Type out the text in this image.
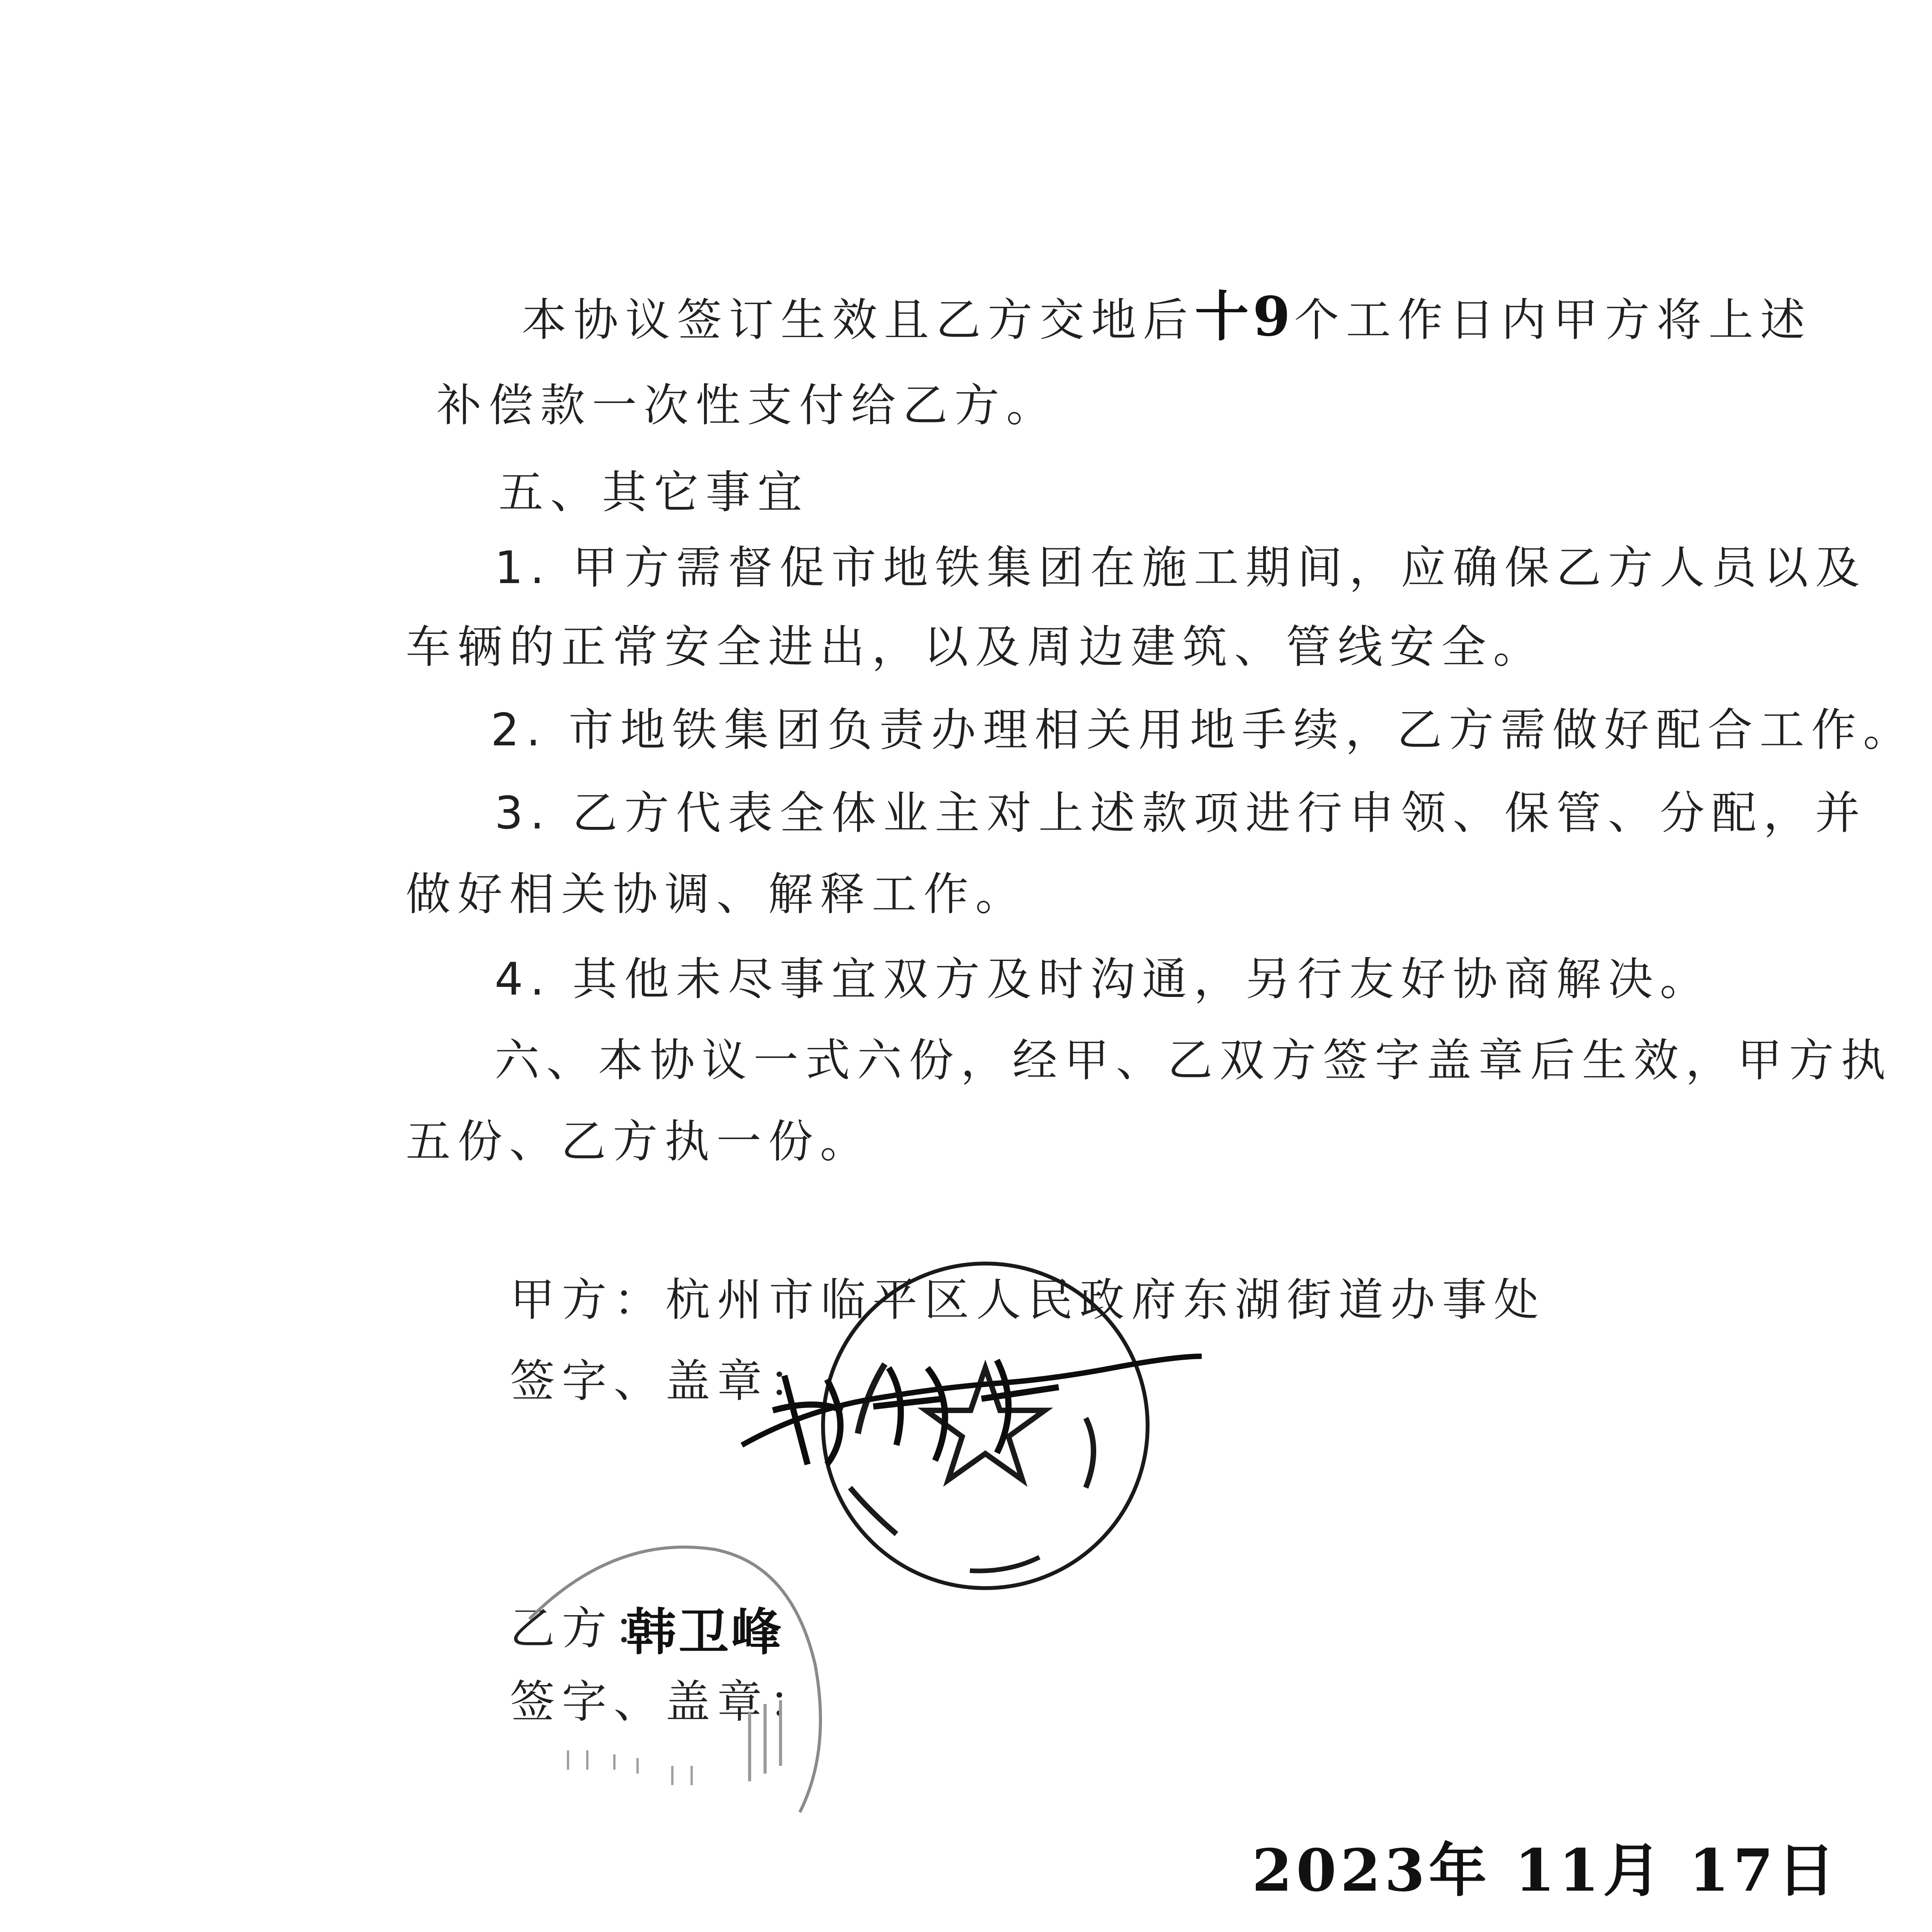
本协议签订生效且乙方交地后十9个工作日内甲方将上述
补偿款一次性支付给乙方。
五、其它事宜
1. 甲方需督促市地铁集团在施工期间，应确保乙方人员以及
车辆的正常安全进出，以及周边建筑、管线安全。
2. 市地铁集团负责办理相关用地手续，乙方需做好配合工作。
3. 乙方代表全体业主对上述款项进行申领、保管、分配，并
做好相关协调、解释工作。
4. 其他未尽事宜双方及时沟通，另行友好协商解决。
六、本协议一式六份，经甲、乙双方签字盖章后生效，甲方执
五份、乙方执一份。
甲方：杭州市临平区人民政府东湖街道办事处
签字、盖章：
乙方：
韩卫峰
签字、盖章：
2023年 11月 17日
